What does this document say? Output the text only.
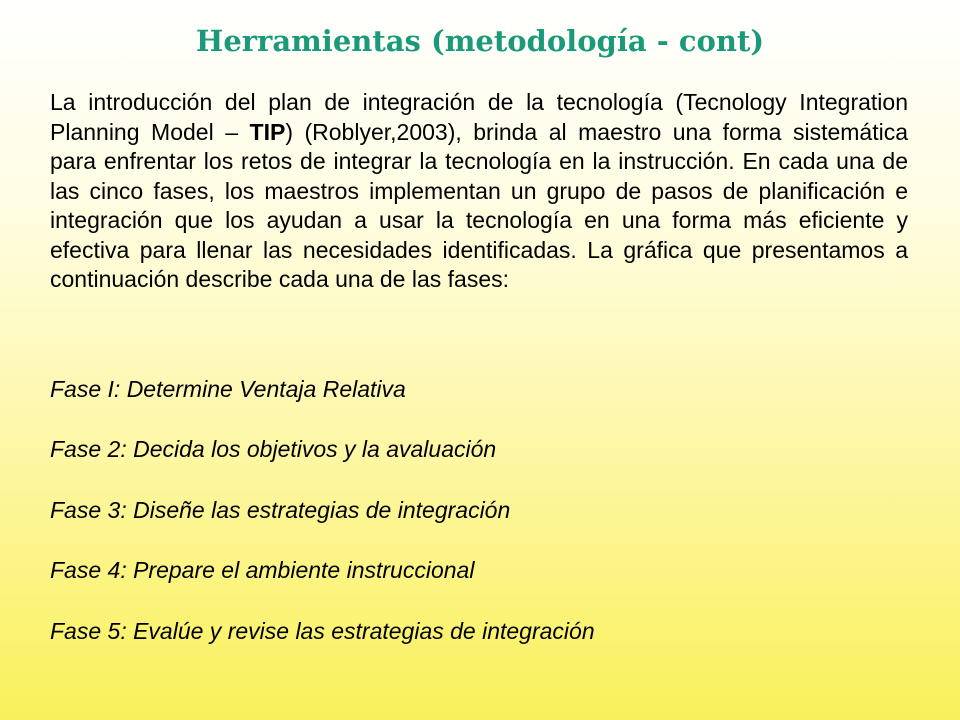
Herramientas (metodología - cont)

La introducción del plan de integración de la tecnología (Tecnology Integration Planning Model – TIP) (Roblyer,2003), brinda al maestro una forma sistemática para enfrentar los retos de integrar la tecnología en la instrucción. En cada una de las cinco fases, los maestros implementan un grupo de pasos de planificación e integración que los ayudan a usar la tecnología en una forma más eficiente y efectiva para llenar las necesidades identificadas. La gráfica que presentamos a continuación describe cada una de las fases:

Fase I: Determine Ventaja Relativa
Fase 2: Decida los objetivos y la avaluación
Fase 3: Diseñe las estrategias de integración
Fase 4: Prepare el ambiente instruccional
Fase 5: Evalúe y revise las estrategias de integración
